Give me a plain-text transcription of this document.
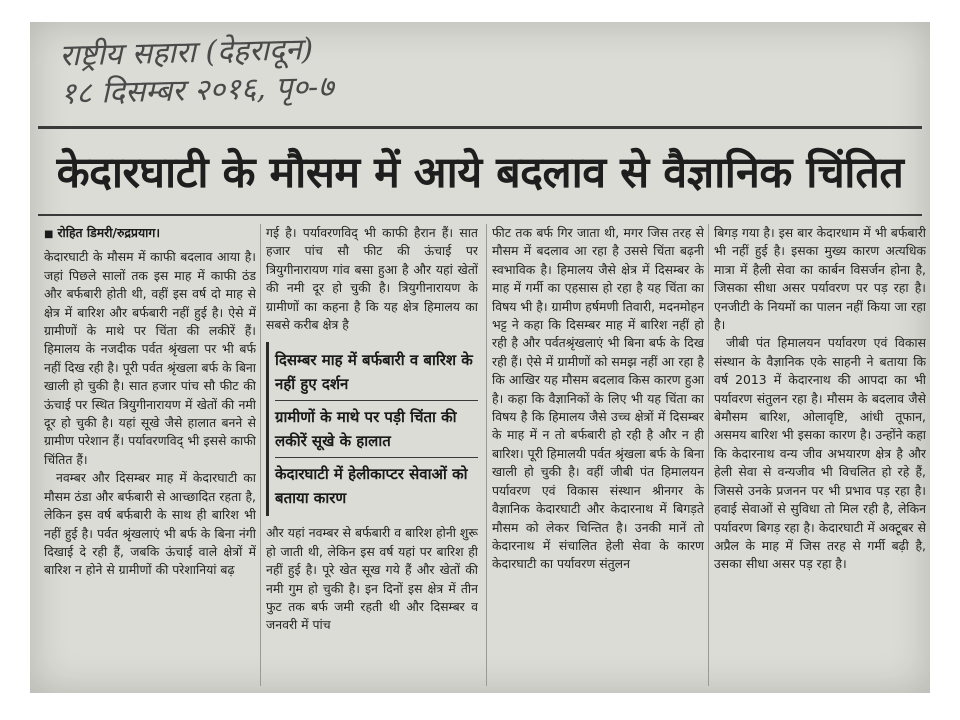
राष्ट्रीय सहारा (देहरादून)
१८ दिसम्बर २०१६, पृ०-७
केदारघाटी के मौसम में आये बदलाव से वैज्ञानिक चिंतित
■ रोहित डिमरी/रुद्रप्रयाग।

केदारघाटी के मौसम में काफी बदलाव आया है। जहां पिछले सालों तक इस माह में काफी ठंड और बर्फबारी होती थी, वहीं इस वर्ष दो माह से क्षेत्र में बारिश और बर्फबारी नहीं हुई है। ऐसे में ग्रामीणों के माथे पर चिंता की लकीरें हैं। हिमालय के नजदीक पर्वत श्रृंखला पर भी बर्फ नहीं दिख रही है। पूरी पर्वत श्रृंखला बर्फ के बिना खाली हो चुकी है। सात हजार पांच सौ फीट की ऊंचाई पर स्थित त्रियुगीनारायण में खेतों की नमी दूर हो चुकी है। यहां सूखे जैसे हालात बनने से ग्रामीण परेशान हैं। पर्यावरणविद् भी इससे काफी चिंतित हैं।

नवम्बर और दिसम्बर माह में केदारघाटी का मौसम ठंडा और बर्फबारी से आच्छादित रहता है, लेकिन इस वर्ष बर्फबारी के साथ ही बारिश भी नहीं हुई है। पर्वत श्रृंखलाएं भी बर्फ के बिना नंगी दिखाई दे रही हैं, जबकि ऊंचाई वाले क्षेत्रों में बारिश न होने से ग्रामीणों की परेशानियां बढ़

गई है। पर्यावरणविद् भी काफी हैरान हैं। सात हजार पांच सौ फीट की ऊंचाई पर त्रियुगीनारायण गांव बसा हुआ है और यहां खेतों की नमी दूर हो चुकी है। त्रियुगीनारायण के ग्रामीणों का कहना है कि यह क्षेत्र हिमालय का सबसे करीब क्षेत्र है

दिसम्बर माह में बर्फबारी व बारिश के नहीं हुए दर्शन
ग्रामीणों के माथे पर पड़ी चिंता की लकीरें सूखे के हालात
केदारघाटी में हेलीकाप्टर सेवाओं को बताया कारण

और यहां नवम्बर से बर्फबारी व बारिश होनी शुरू हो जाती थी, लेकिन इस वर्ष यहां पर बारिश ही नहीं हुई है। पूरे खेत सूख गये हैं और खेतों की नमी गुम हो चुकी है। इन दिनों इस क्षेत्र में तीन फुट तक बर्फ जमी रहती थी और दिसम्बर व जनवरी में पांच

फीट तक बर्फ गिर जाता थी, मगर जिस तरह से मौसम में बदलाव आ रहा है उससे चिंता बढ़नी स्वभाविक है। हिमालय जैसे क्षेत्र में दिसम्बर के माह में गर्मी का एहसास हो रहा है यह चिंता का विषय भी है। ग्रामीण हर्षमणी तिवारी, मदनमोहन भट्ट ने कहा कि दिसम्बर माह में बारिश नहीं हो रही है और पर्वतश्रृंखलाएं भी बिना बर्फ के दिख रही हैं। ऐसे में ग्रामीणों को समझ नहीं आ रहा है कि आखिर यह मौसम बदलाव किस कारण हुआ है। कहा कि वैज्ञानिकों के लिए भी यह चिंता का विषय है कि हिमालय जैसे उच्च क्षेत्रों में दिसम्बर के माह में न तो बर्फबारी हो रही है और न ही बारिश। पूरी हिमालयी पर्वत श्रृंखला बर्फ के बिना खाली हो चुकी है। वहीं जीबी पंत हिमालयन पर्यावरण एवं विकास संस्थान श्रीनगर के वैज्ञानिक केदारघाटी और केदारनाथ में बिगड़ते मौसम को लेकर चिन्तित है। उनकी मानें तो केदारनाथ में संचालित हेली सेवा के कारण केदारघाटी का पर्यावरण संतुलन

बिगड़ गया है। इस बार केदारधाम में भी बर्फबारी भी नहीं हुई है। इसका मुख्य कारण अत्यधिक मात्रा में हैली सेवा का कार्बन विसर्जन होना है, जिसका सीधा असर पर्यावरण पर पड़ रहा है। एनजीटी के नियमों का पालन नहीं किया जा रहा है।

जीबी पंत हिमालयन पर्यावरण एवं विकास संस्थान के वैज्ञानिक एके साहनी ने बताया कि वर्ष 2013 में केदारनाथ की आपदा का भी पर्यावरण संतुलन रहा है। मौसम के बदलाव जैसे बेमौसम बारिश, ओलावृष्टि, आंधी तूफान, असमय बारिश भी इसका कारण है। उन्होंने कहा कि केदारनाथ वन्य जीव अभयारण क्षेत्र है और हेली सेवा से वन्यजीव भी विचलित हो रहे हैं, जिससे उनके प्रजनन पर भी प्रभाव पड़ रहा है। हवाई सेवाओं से सुविधा तो मिल रही है, लेकिन पर्यावरण बिगड़ रहा है। केदारघाटी में अक्टूबर से अप्रैल के माह में जिस तरह से गर्मी बढ़ी है, उसका सीधा असर पड़ रहा है।
